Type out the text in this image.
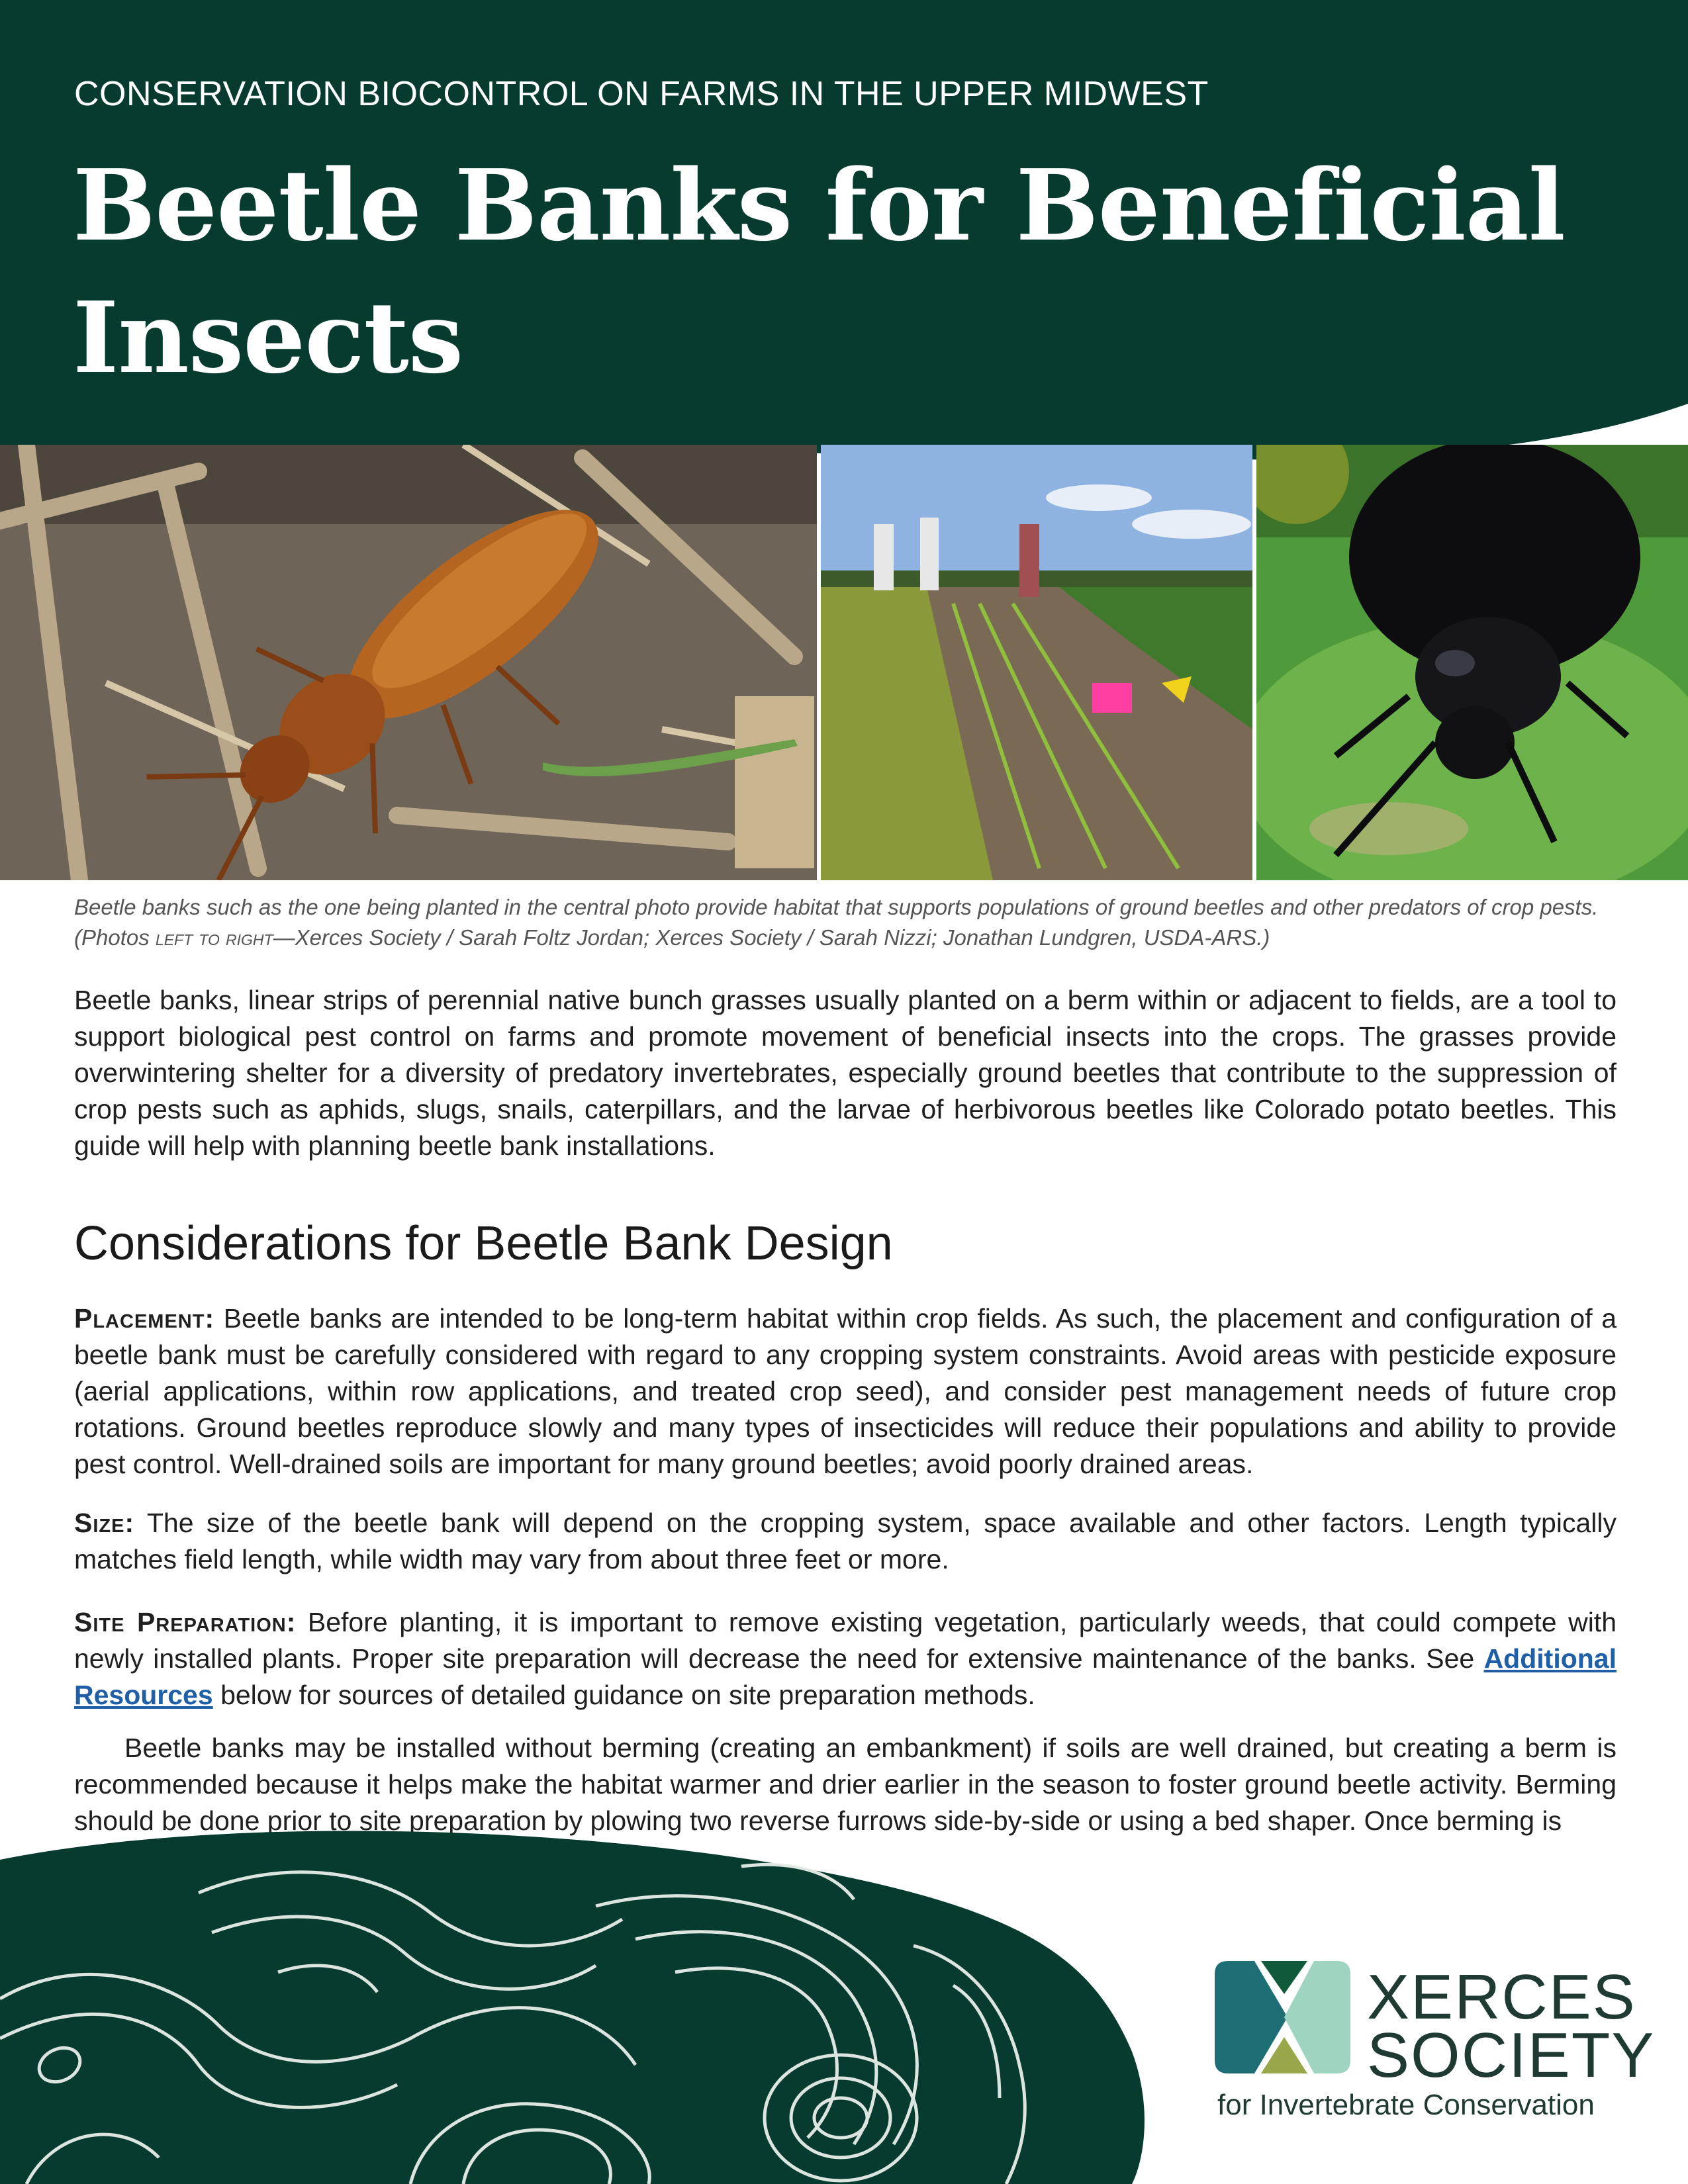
CONSERVATION BIOCONTROL ON FARMS IN THE UPPER MIDWEST
Beetle Banks for Beneficial Insects
Beetle banks such as the one being planted in the central photo provide habitat that supports populations of ground beetles and other predators of crop pests. (Photos left to right—Xerces Society / Sarah Foltz Jordan; Xerces Society / Sarah Nizzi; Jonathan Lundgren, USDA-ARS.)
Beetle banks, linear strips of perennial native bunch grasses usually planted on a berm within or adjacent to fields, are a tool to support biological pest control on farms and promote movement of beneficial insects into the crops. The grasses provide overwintering shelter for a diversity of predatory invertebrates, especially ground beetles that contribute to the suppression of crop pests such as aphids, slugs, snails, caterpillars, and the larvae of herbivorous beetles like Colorado potato beetles. This guide will help with planning beetle bank installations.
Considerations for Beetle Bank Design
Placement: Beetle banks are intended to be long-term habitat within crop fields. As such, the placement and configuration of a beetle bank must be carefully considered with regard to any cropping system constraints. Avoid areas with pesticide exposure (aerial applications, within row applications, and treated crop seed), and consider pest management needs of future crop rotations. Ground beetles reproduce slowly and many types of insecticides will reduce their populations and ability to provide pest control. Well-drained soils are important for many ground beetles; avoid poorly drained areas.
Size: The size of the beetle bank will depend on the cropping system, space available and other factors. Length typically matches field length, while width may vary from about three feet or more.
Site Preparation: Before planting, it is important to remove existing vegetation, particularly weeds, that could compete with newly installed plants. Proper site preparation will decrease the need for extensive maintenance of the banks. See Additional Resources below for sources of detailed guidance on site preparation methods.
Beetle banks may be installed without berming (creating an embankment) if soils are well drained, but creating a berm is recommended because it helps make the habitat warmer and drier earlier in the season to foster ground beetle activity. Berming should be done prior to site preparation by plowing two reverse furrows side-by-side or using a bed shaper. Once berming is
XERCES
SOCIETY
for Invertebrate Conservation
